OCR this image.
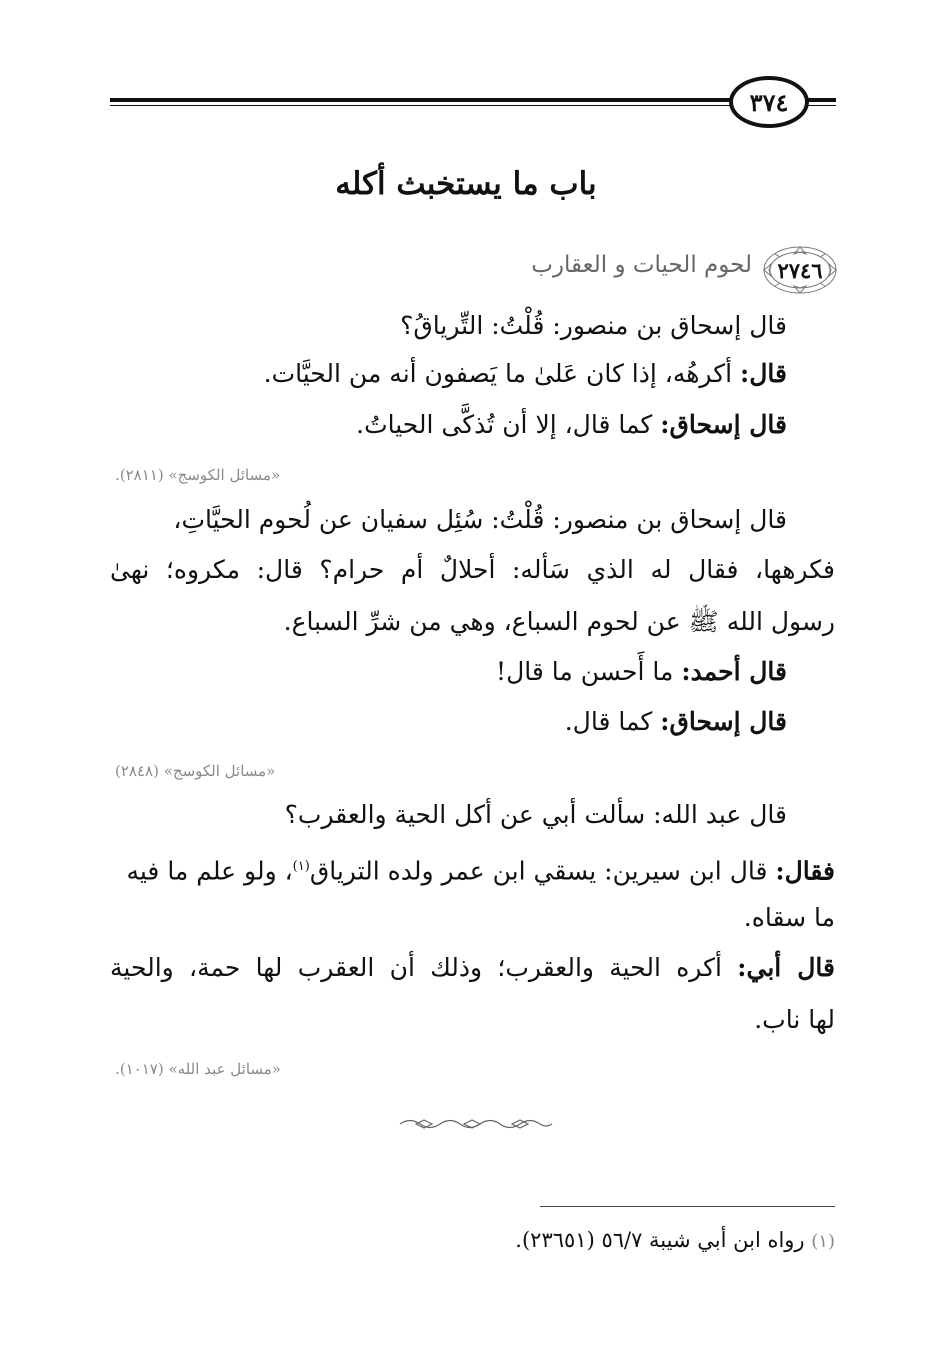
٣٧٤
باب ما يستخبث أكله
٢٧٤٦
لحوم الحيات و العقارب
قال إسحاق بن منصور: قُلْتُ: التِّرياقُ؟
قال: أكرهُه، إذا كان عَلىٰ ما يَصفون أنه من الحيَّات.
قال إسحاق: كما قال، إلا أن تُذكَّى الحياتُ.
«مسائل الكوسج» (٢٨١١).
قال إسحاق بن منصور: قُلْتُ: سُئِل سفيان عن لُحوم الحيَّاتِ،
فكرهها، فقال له الذي سَأله: أحلالٌ أم حرام؟ قال: مكروه؛ نهىٰ
رسول الله ﷺ عن لحوم السباع، وهي من شرِّ السباع.
قال أحمد: ما أَحسن ما قال!
قال إسحاق: كما قال.
«مسائل الكوسج» (٢٨٤٨)
قال عبد الله: سألت أبي عن أكل الحية والعقرب؟
فقال: قال ابن سيرين: يسقي ابن عمر ولده الترياق$^{(١)}$، ولو علم ما فيه
ما سقاه.
قال أبي: أكره الحية والعقرب؛ وذلك أن العقرب لها حمة، والحية
لها ناب.
«مسائل عبد الله» (١٠١٧).
(١) رواه ابن أبي شيبة ٥٦/٧ (٢٣٦٥١).
